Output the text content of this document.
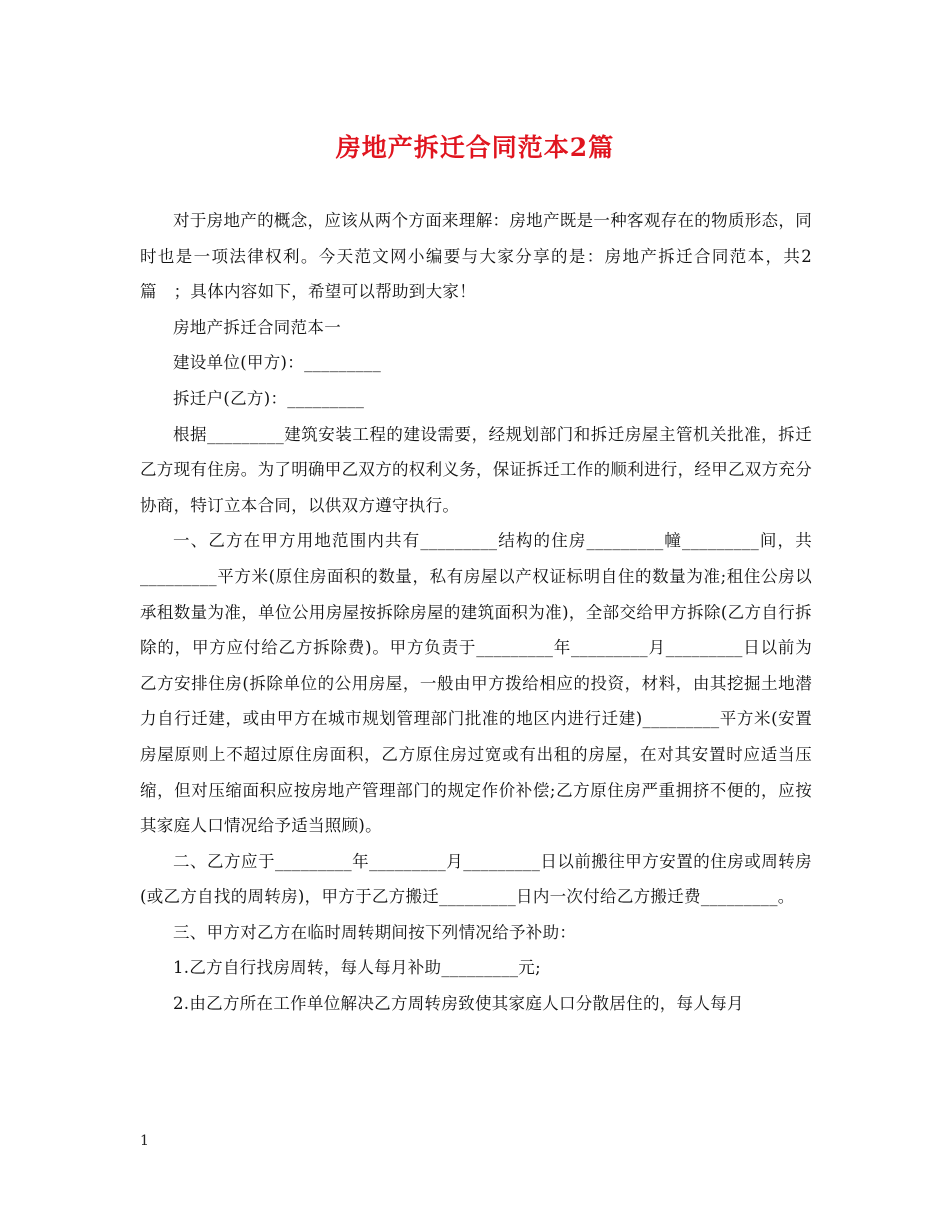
房地产拆迁合同范本2篇

对于房地产的概念，应该从两个方面来理解：房地产既是一种客观存在的物质形态，同时也是一项法律权利。今天范文网小编要与大家分享的是：房地产拆迁合同范本，共2篇　；具体内容如下，希望可以帮助到大家！

房地产拆迁合同范本一

建设单位(甲方)：_________

拆迁户(乙方)：_________

根据_________建筑安装工程的建设需要，经规划部门和拆迁房屋主管机关批准，拆迁乙方现有住房。为了明确甲乙双方的权利义务，保证拆迁工作的顺利进行，经甲乙双方充分协商，特订立本合同，以供双方遵守执行。

一、乙方在甲方用地范围内共有_________结构的住房_________幢_________间，共_________平方米(原住房面积的数量，私有房屋以产权证标明自住的数量为准;租住公房以承租数量为准，单位公用房屋按拆除房屋的建筑面积为准)，全部交给甲方拆除(乙方自行拆除的，甲方应付给乙方拆除费)。甲方负责于_________年_________月_________日以前为乙方安排住房(拆除单位的公用房屋，一般由甲方拨给相应的投资，材料，由其挖掘土地潜力自行迁建，或由甲方在城市规划管理部门批准的地区内进行迁建)_________平方米(安置房屋原则上不超过原住房面积，乙方原住房过宽或有出租的房屋，在对其安置时应适当压缩，但对压缩面积应按房地产管理部门的规定作价补偿;乙方原住房严重拥挤不便的，应按其家庭人口情况给予适当照顾)。

二、乙方应于_________年_________月_________日以前搬往甲方安置的住房或周转房(或乙方自找的周转房)，甲方于乙方搬迁_________日内一次付给乙方搬迁费_________。

三、甲方对乙方在临时周转期间按下列情况给予补助：

1.乙方自行找房周转，每人每月补助_________元;

2.由乙方所在工作单位解决乙方周转房致使其家庭人口分散居住的，每人每月

1
